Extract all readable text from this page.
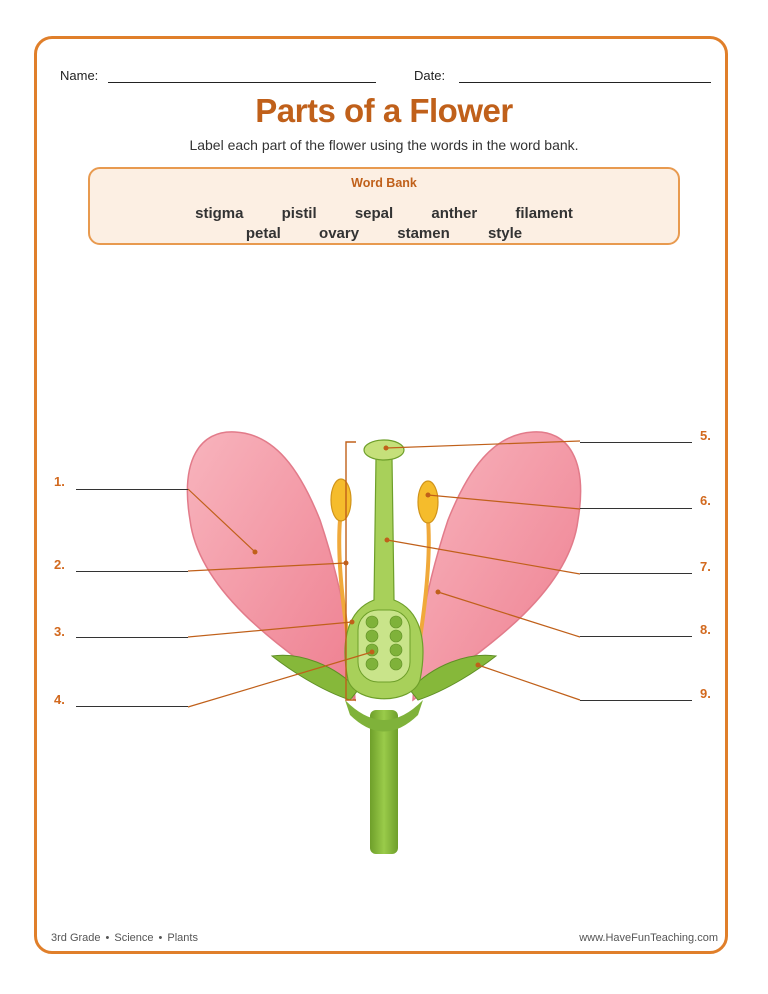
Name:	Date:
Parts of a Flower
Label each part of the flower using the words in the word bank.
Word Bank
stigma	pistil	sepal	anther	filament
petal	ovary	stamen	style
1.
2.
3.
4.
5.
6.
7.
8.
9.
3rd Grade • Science • Plants	www.HaveFunTeaching.com
